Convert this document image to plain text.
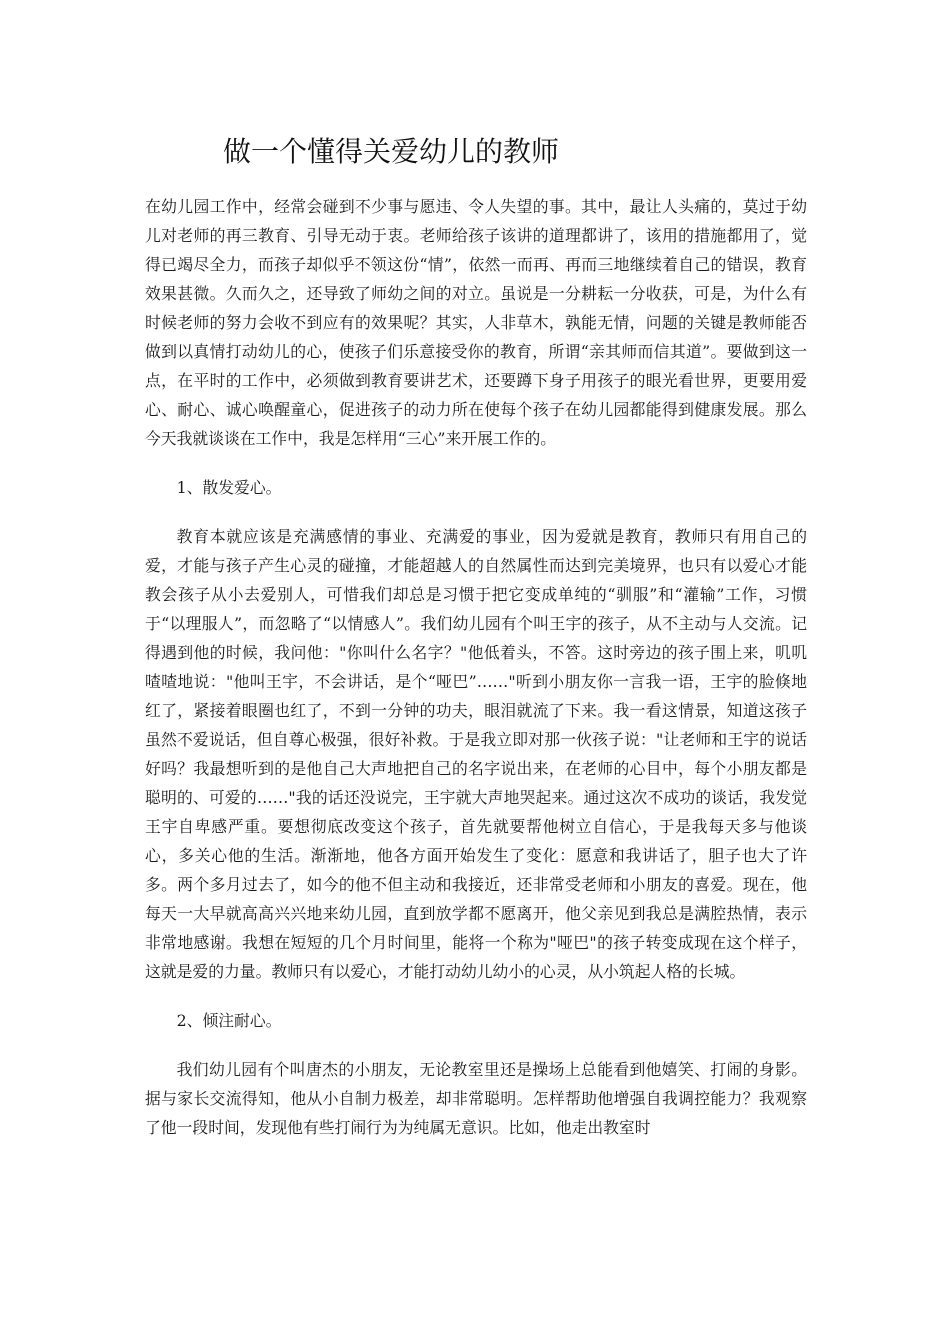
做一个懂得关爱幼儿的教师

在幼儿园工作中，经常会碰到不少事与愿违、令人失望的事。其中，最让人头痛的，莫过于幼儿对老师的再三教育、引导无动于衷。老师给孩子该讲的道理都讲了，该用的措施都用了，觉得已竭尽全力，而孩子却似乎不领这份“情”，依然一而再、再而三地继续着自己的错误，教育效果甚微。久而久之，还导致了师幼之间的对立。虽说是一分耕耘一分收获，可是，为什么有时候老师的努力会收不到应有的效果呢？其实，人非草木，孰能无情，问题的关键是教师能否做到以真情打动幼儿的心，使孩子们乐意接受你的教育，所谓“亲其师而信其道”。要做到这一点，在平时的工作中，必须做到教育要讲艺术，还要蹲下身子用孩子的眼光看世界，更要用爱心、耐心、诚心唤醒童心，促进孩子的动力所在使每个孩子在幼儿园都能得到健康发展。那么今天我就谈谈在工作中，我是怎样用“三心”来开展工作的。

1、散发爱心。

教育本就应该是充满感情的事业、充满爱的事业，因为爱就是教育，教师只有用自己的爱，才能与孩子产生心灵的碰撞，才能超越人的自然属性而达到完美境界，也只有以爱心才能教会孩子从小去爱别人，可惜我们却总是习惯于把它变成单纯的“驯服”和“灌输”工作，习惯于“以理服人”，而忽略了“以情感人”。我们幼儿园有个叫王宇的孩子，从不主动与人交流。记得遇到他的时候，我问他："你叫什么名字？"他低着头，不答。这时旁边的孩子围上来，叽叽喳喳地说："他叫王宇，不会讲话，是个“哑巴”……"听到小朋友你一言我一语，王宇的脸倏地红了，紧接着眼圈也红了，不到一分钟的功夫，眼泪就流了下来。我一看这情景，知道这孩子虽然不爱说话，但自尊心极强，很好补救。于是我立即对那一伙孩子说："让老师和王宇的说话好吗？我最想听到的是他自己大声地把自己的名字说出来，在老师的心目中，每个小朋友都是聪明的、可爱的……"我的话还没说完，王宇就大声地哭起来。通过这次不成功的谈话，我发觉王宇自卑感严重。要想彻底改变这个孩子，首先就要帮他树立自信心，于是我每天多与他谈心，多关心他的生活。渐渐地，他各方面开始发生了变化：愿意和我讲话了，胆子也大了许多。两个多月过去了，如今的他不但主动和我接近，还非常受老师和小朋友的喜爱。现在，他每天一大早就高高兴兴地来幼儿园，直到放学都不愿离开，他父亲见到我总是满腔热情，表示非常地感谢。我想在短短的几个月时间里，能将一个称为"哑巴"的孩子转变成现在这个样子，这就是爱的力量。教师只有以爱心，才能打动幼儿幼小的心灵，从小筑起人格的长城。

2、倾注耐心。

我们幼儿园有个叫唐杰的小朋友，无论教室里还是操场上总能看到他嬉笑、打闹的身影。据与家长交流得知，他从小自制力极差，却非常聪明。怎样帮助他增强自我调控能力？我观察了他一段时间，发现他有些打闹行为为纯属无意识。比如，他走出教室时
